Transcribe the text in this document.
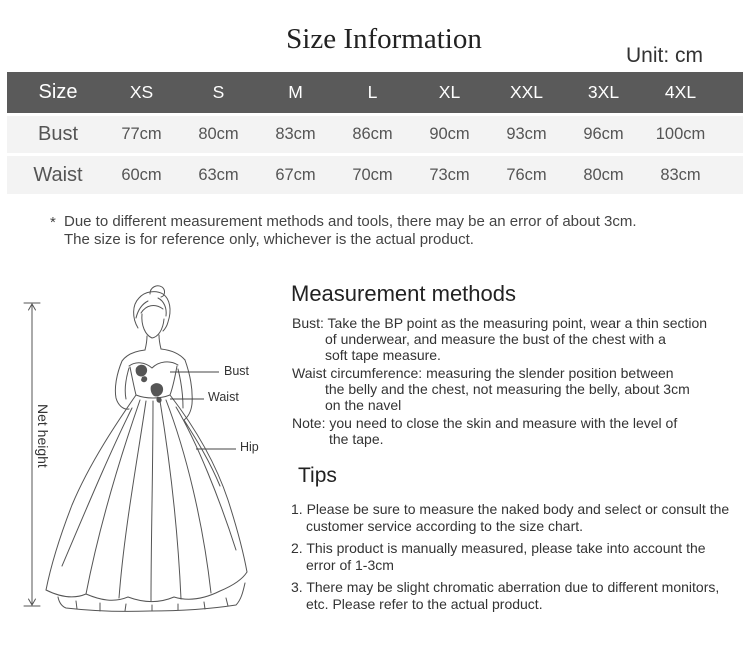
Size Information
Unit: cm
Size	XS	S	M	L	XL	XXL	3XL	4XL
Bust	77cm	80cm	83cm	86cm	90cm	93cm	96cm	100cm
Waist	60cm	63cm	67cm	70cm	73cm	76cm	80cm	83cm
* Due to different measurement methods and tools, there may be an error of about 3cm.
The size is for reference only, whichever is the actual product.
Net height
Bust
Waist
Hip
Measurement methods
Bust: Take the BP point as the measuring point, wear a thin section
of underwear, and measure the bust of the chest with a
soft tape measure.
Waist circumference: measuring the slender position between
the belly and the chest, not measuring the belly, about 3cm
on the navel
Note: you need to close the skin and measure with the level of
the tape.
Tips
1. Please be sure to measure the naked body and select or consult the
customer service according to the size chart.
2. This product is manually measured, please take into account the
error of 1-3cm
3. There may be slight chromatic aberration due to different monitors,
etc. Please refer to the actual product.
